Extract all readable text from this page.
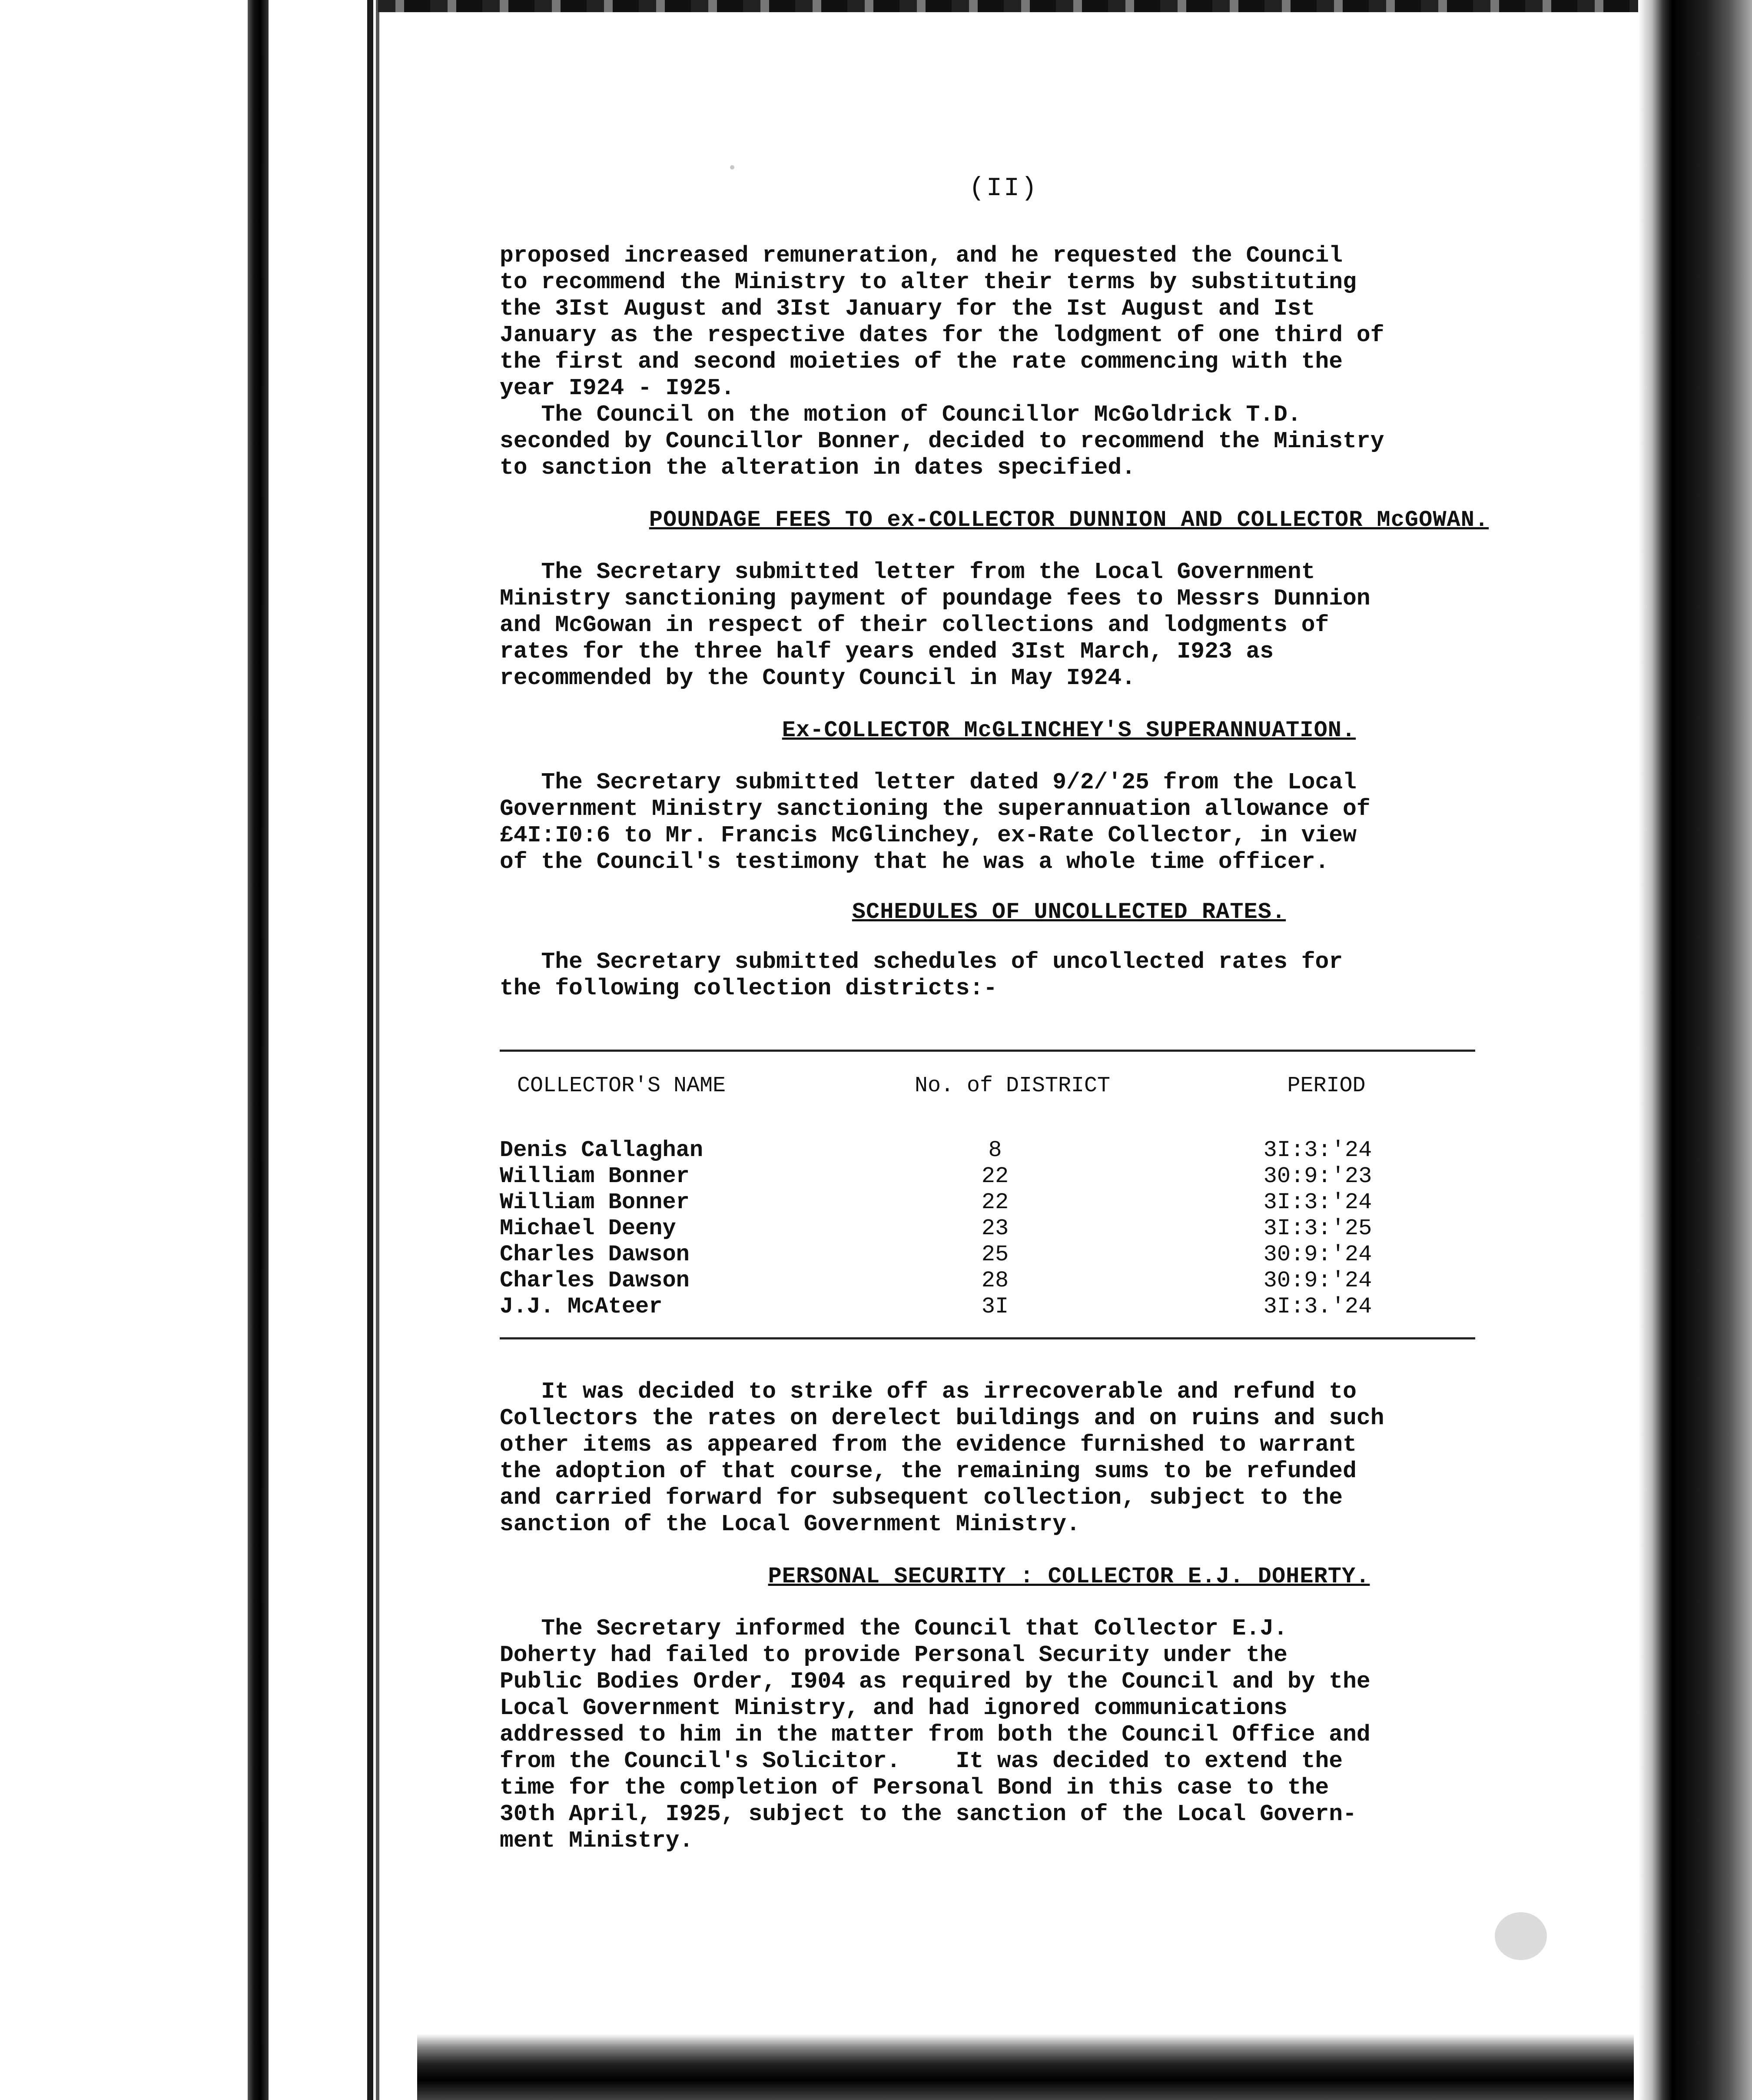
(II)

proposed increased remuneration, and he requested the Council
to recommend the Ministry to alter their terms by substituting
the 3Ist August and 3Ist January for the Ist August and Ist
January as the respective dates for the lodgment of one third of
the first and second moieties of the rate commencing with the
year I924 - I925.

The Council on the motion of Councillor McGoldrick T.D.
seconded by Councillor Bonner, decided to recommend the Ministry
to sanction the alteration in dates specified.

POUNDAGE FEES TO ex-COLLECTOR DUNNION AND COLLECTOR McGOWAN.

The Secretary submitted letter from the Local Government
Ministry sanctioning payment of poundage fees to Messrs Dunnion
and McGowan in respect of their collections and lodgments of
rates for the three half years ended 3Ist March, I923 as
recommended by the County Council in May I924.

Ex-COLLECTOR McGLINCHEY'S SUPERANNUATION.

The Secretary submitted letter dated 9/2/'25 from the Local
Government Ministry sanctioning the superannuation allowance of
£4I:I0:6 to Mr. Francis McGlinchey, ex-Rate Collector, in view
of the Council's testimony that he was a whole time officer.

SCHEDULES OF UNCOLLECTED RATES.

The Secretary submitted schedules of uncollected rates for
the following collection districts:-

COLLECTOR'S NAME	No. of DISTRICT	PERIOD
Denis Callaghan	8	3I:3:'24
William Bonner	22	30:9:'23
William Bonner	22	3I:3:'24
Michael Deeny	23	3I:3:'25
Charles Dawson	25	30:9:'24
Charles Dawson	28	30:9:'24
J.J. McAteer	3I	3I:3.'24

It was decided to strike off as irrecoverable and refund to
Collectors the rates on derelect buildings and on ruins and such
other items as appeared from the evidence furnished to warrant
the adoption of that course, the remaining sums to be refunded
and carried forward for subsequent collection, subject to the
sanction of the Local Government Ministry.

PERSONAL SECURITY : COLLECTOR E.J. DOHERTY.

The Secretary informed the Council that Collector E.J.
Doherty had failed to provide Personal Security under the
Public Bodies Order, I904 as required by the Council and by the
Local Government Ministry, and had ignored communications
addressed to him in the matter from both the Council Office and
from the Council's Solicitor.    It was decided to extend the
time for the completion of Personal Bond in this case to the
30th April, I925, subject to the sanction of the Local Govern-
ment Ministry.
